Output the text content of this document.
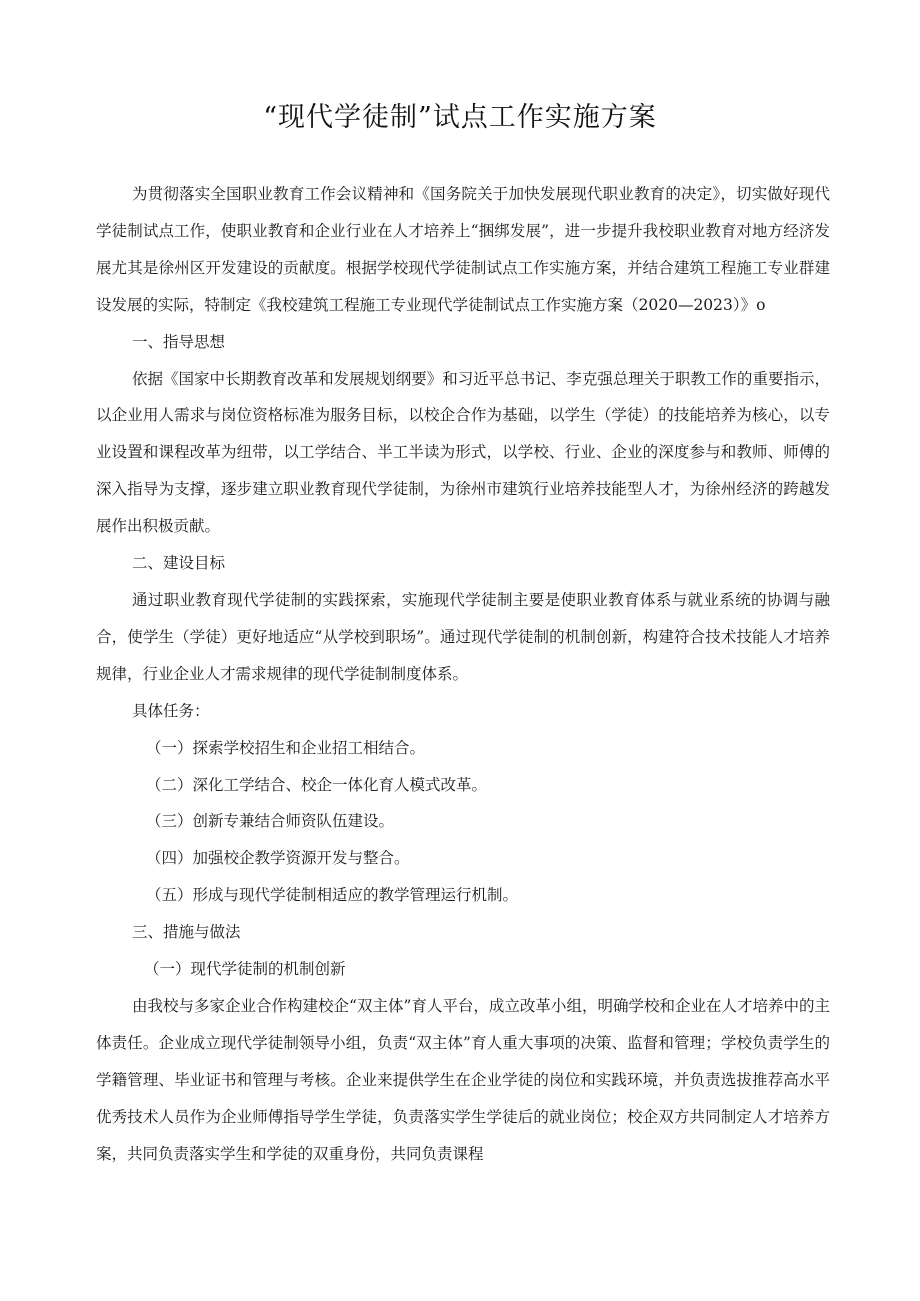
“现代学徒制”试点工作实施方案

为贯彻落实全国职业教育工作会议精神和《国务院关于加快发展现代职业教育的决定》，切实做好现代学徒制试点工作，使职业教育和企业行业在人才培养上“捆绑发展”，进一步提升我校职业教育对地方经济发展尤其是徐州区开发建设的贡献度。根据学校现代学徒制试点工作实施方案，并结合建筑工程施工专业群建设发展的实际，特制定《我校建筑工程施工专业现代学徒制试点工作实施方案（2020—2023）》o

一、指导思想

依据《国家中长期教育改革和发展规划纲要》和习近平总书记、李克强总理关于职教工作的重要指示，以企业用人需求与岗位资格标准为服务目标，以校企合作为基础，以学生（学徒）的技能培养为核心，以专业设置和课程改革为纽带，以工学结合、半工半读为形式，以学校、行业、企业的深度参与和教师、师傅的深入指导为支撑，逐步建立职业教育现代学徒制，为徐州市建筑行业培养技能型人才，为徐州经济的跨越发展作出积极贡献。

二、建设目标

通过职业教育现代学徒制的实践探索，实施现代学徒制主要是使职业教育体系与就业系统的协调与融合，使学生（学徒）更好地适应“从学校到职场”。通过现代学徒制的机制创新，构建符合技术技能人才培养规律，行业企业人才需求规律的现代学徒制制度体系。

具体任务：

（一）探索学校招生和企业招工相结合。

（二）深化工学结合、校企一体化育人模式改革。

（三）创新专兼结合师资队伍建设。

（四）加强校企教学资源开发与整合。

（五）形成与现代学徒制相适应的教学管理运行机制。

三、措施与做法

（一）现代学徒制的机制创新

由我校与多家企业合作构建校企“双主体”育人平台，成立改革小组，明确学校和企业在人才培养中的主体责任。企业成立现代学徒制领导小组，负责“双主体”育人重大事项的决策、监督和管理；学校负责学生的学籍管理、毕业证书和管理与考核。企业来提供学生在企业学徒的岗位和实践环境，并负责选拔推荐高水平优秀技术人员作为企业师傅指导学生学徒，负责落实学生学徒后的就业岗位；校企双方共同制定人才培养方案，共同负责落实学生和学徒的双重身份，共同负责课程
